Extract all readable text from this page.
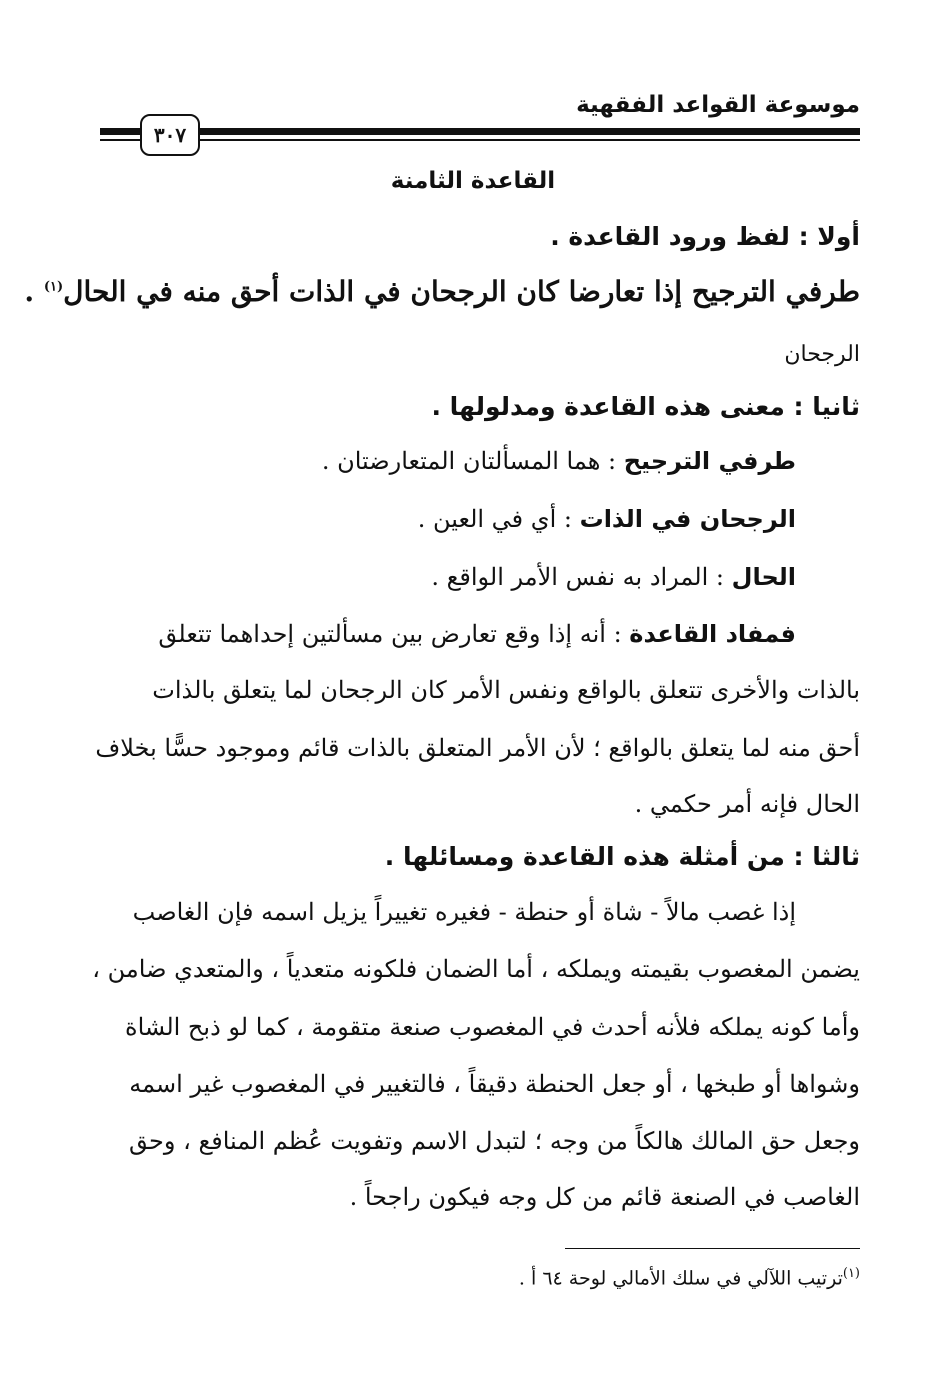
موسوعة القواعد الفقهية
٣٠٧
القاعدة الثامنة
أولا : لفظ ورود القاعدة .
طرفي الترجيح إذا تعارضا كان الرجحان في الذات أحق منه في الحال$^{(١)}$ .
الرجحان
ثانيا : معنى هذه القاعدة ومدلولها .
طرفي الترجيح : هما المسألتان المتعارضتان .
الرجحان في الذات : أي في العين .
الحال : المراد به نفس الأمر الواقع .
فمفاد القاعدة : أنه إذا وقع تعارض بين مسألتين إحداهما تتعلق
بالذات والأخرى تتعلق بالواقع ونفس الأمر كان الرجحان لما يتعلق بالذات
أحق منه لما يتعلق بالواقع ؛ لأن الأمر المتعلق بالذات قائم وموجود حسًّا بخلاف
الحال فإنه أمر حكمي .
ثالثا : من أمثلة هذه القاعدة ومسائلها .
إذا غصب مالاً - شاة أو حنطة - فغيره تغييراً يزيل اسمه فإن الغاصب
يضمن المغصوب بقيمته ويملكه ، أما الضمان فلكونه متعدياً ، والمتعدي ضامن ،
وأما كونه يملكه فلأنه أحدث في المغصوب صنعة متقومة ، كما لو ذبح الشاة
وشواها أو طبخها ، أو جعل الحنطة دقيقاً ، فالتغيير في المغصوب غير اسمه
وجعل حق المالك هالكاً من وجه ؛ لتبدل الاسم وتفويت عُظم المنافع ، وحق
الغاصب في الصنعة قائم من كل وجه فيكون راجحاً .
$^{(١)}$ترتيب اللآلي في سلك الأمالي لوحة ٦٤ أ .
